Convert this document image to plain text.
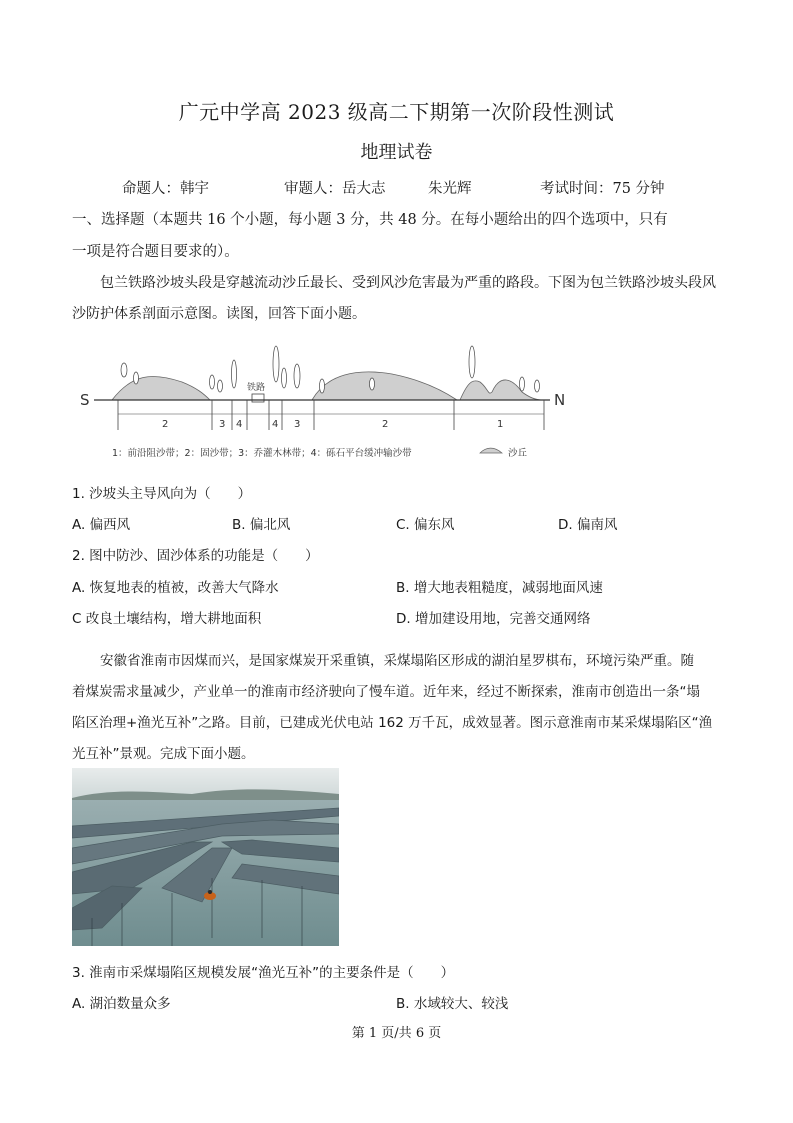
广元中学高 2023 级高二下期第一次阶段性测试
地理试卷
命题人：韩宇	审题人：岳大志	朱光辉	考试时间：75 分钟
一、选择题（本题共 16 个小题，每小题 3 分，共 48 分。在每小题给出的四个选项中，只有
一项是符合题目要求的）。
包兰铁路沙坡头段是穿越流动沙丘最长、受到风沙危害最为严重的路段。下图为包兰铁路沙坡头段风
沙防护体系剖面示意图。读图，回答下面小题。
铁路
S	N
2	3 4	4 3	2	1
1：前沿阻沙带；2：固沙带；3：乔灌木林带；4：砾石平台缓冲输沙带	沙丘
1. 沙坡头主导风向为（　　）
A. 偏西风	B. 偏北风	C. 偏东风	D. 偏南风
2. 图中防沙、固沙体系的功能是（　　）
A. 恢复地表的植被，改善大气降水	B. 增大地表粗糙度，减弱地面风速
C 改良土壤结构，增大耕地面积	D. 增加建设用地，完善交通网络
安徽省淮南市因煤而兴，是国家煤炭开采重镇，采煤塌陷区形成的湖泊星罗棋布，环境污染严重。随
着煤炭需求量减少，产业单一的淮南市经济驶向了慢车道。近年来，经过不断探索，淮南市创造出一条“塌
陷区治理+渔光互补”之路。目前，已建成光伏电站 162 万千瓦，成效显著。图示意淮南市某采煤塌陷区“渔
光互补”景观。完成下面小题。
3. 淮南市采煤塌陷区规模发展“渔光互补”的主要条件是（　　）
A. 湖泊数量众多	B. 水域较大、较浅
第 1 页/共 6 页
